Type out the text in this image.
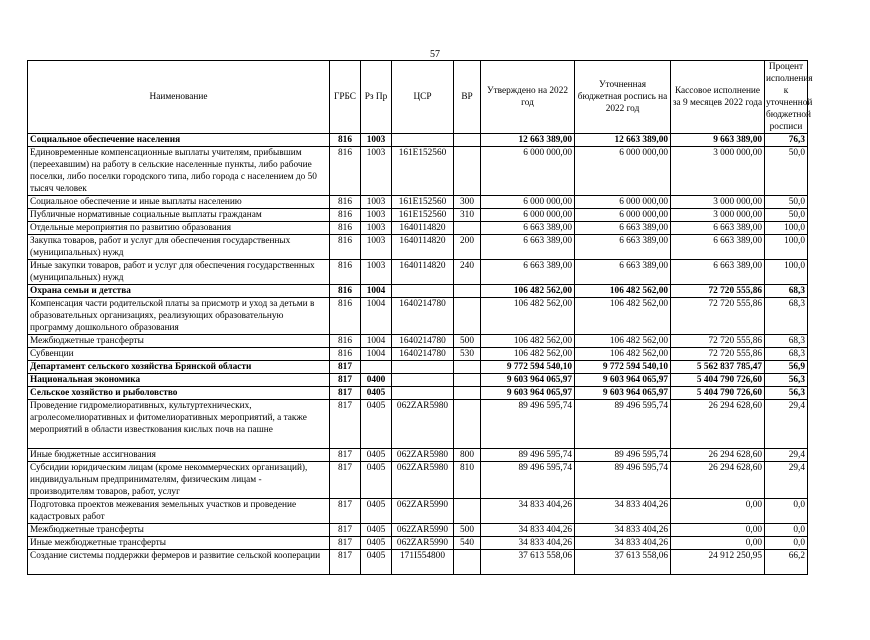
57
Наименование	ГРБС	Рз Пр	ЦСР	ВР	Утверждено на 2022 год	Уточненная бюджетная роспись на 2022 год	Кассовое исполнение за 9 месяцев 2022 года	Процент исполнения к уточненной бюджетной росписи
Социальное обеспечение населения	816	1003			12 663 389,00	12 663 389,00	9 663 389,00	76,3
Единовременные компенсационные выплаты учителям, прибывшим (переехавшим) на работу в сельские населенные пункты, либо рабочие поселки, либо поселки городского типа, либо города с населением до 50 тысяч человек	816	1003	161E152560		6 000 000,00	6 000 000,00	3 000 000,00	50,0
Социальное обеспечение и иные выплаты населению	816	1003	161E152560	300	6 000 000,00	6 000 000,00	3 000 000,00	50,0
Публичные нормативные социальные выплаты гражданам	816	1003	161E152560	310	6 000 000,00	6 000 000,00	3 000 000,00	50,0
Отдельные мероприятия по развитию образования	816	1003	1640114820		6 663 389,00	6 663 389,00	6 663 389,00	100,0
Закупка товаров, работ и услуг для обеспечения государственных (муниципальных) нужд	816	1003	1640114820	200	6 663 389,00	6 663 389,00	6 663 389,00	100,0
Иные закупки товаров, работ и услуг для обеспечения государственных (муниципальных) нужд	816	1003	1640114820	240	6 663 389,00	6 663 389,00	6 663 389,00	100,0
Охрана семьи и детства	816	1004			106 482 562,00	106 482 562,00	72 720 555,86	68,3
Компенсация части родительской платы за присмотр и уход за детьми в образовательных организациях, реализующих образовательную программу дошкольного образования	816	1004	1640214780		106 482 562,00	106 482 562,00	72 720 555,86	68,3
Межбюджетные трансферты	816	1004	1640214780	500	106 482 562,00	106 482 562,00	72 720 555,86	68,3
Субвенции	816	1004	1640214780	530	106 482 562,00	106 482 562,00	72 720 555,86	68,3
Департамент сельского хозяйства Брянской области	817				9 772 594 540,10	9 772 594 540,10	5 562 837 785,47	56,9
Национальная экономика	817	0400			9 603 964 065,97	9 603 964 065,97	5 404 790 726,60	56,3
Сельское хозяйство и рыболовство	817	0405			9 603 964 065,97	9 603 964 065,97	5 404 790 726,60	56,3
Проведение гидромелиоративных, культуртехнических, агролесомелиоративных и фитомелиоративных мероприятий, а также мероприятий в области известкования кислых почв на пашне	817	0405	062ZAR5980		89 496 595,74	89 496 595,74	26 294 628,60	29,4
Иные бюджетные ассигнования	817	0405	062ZAR5980	800	89 496 595,74	89 496 595,74	26 294 628,60	29,4
Субсидии юридическим лицам (кроме некоммерческих организаций), индивидуальным предпринимателям, физическим лицам - производителям товаров, работ, услуг	817	0405	062ZAR5980	810	89 496 595,74	89 496 595,74	26 294 628,60	29,4
Подготовка проектов межевания земельных участков и проведение кадастровых работ	817	0405	062ZAR5990		34 833 404,26	34 833 404,26	0,00	0,0
Межбюджетные трансферты	817	0405	062ZAR5990	500	34 833 404,26	34 833 404,26	0,00	0,0
Иные межбюджетные трансферты	817	0405	062ZAR5990	540	34 833 404,26	34 833 404,26	0,00	0,0
Создание системы поддержки фермеров и развитие сельской кооперации	817	0405	171I554800		37 613 558,06	37 613 558,06	24 912 250,95	66,2
